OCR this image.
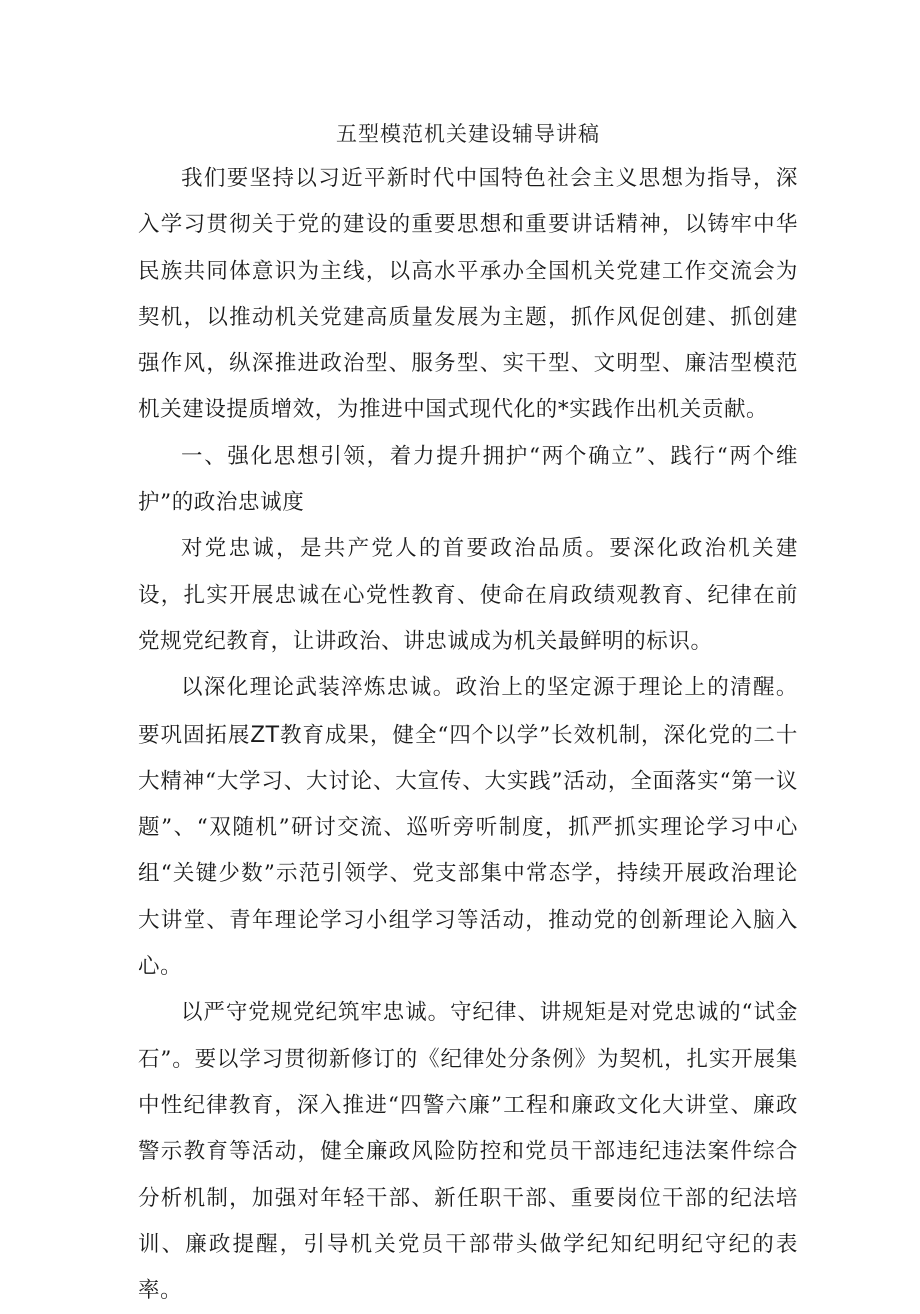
五型模范机关建设辅导讲稿

我们要坚持以习近平新时代中国特色社会主义思想为指导，深入学习贯彻关于党的建设的重要思想和重要讲话精神，以铸牢中华民族共同体意识为主线，以高水平承办全国机关党建工作交流会为契机，以推动机关党建高质量发展为主题，抓作风促创建、抓创建强作风，纵深推进政治型、服务型、实干型、文明型、廉洁型模范机关建设提质增效，为推进中国式现代化的*实践作出机关贡献。

一、强化思想引领，着力提升拥护“两个确立”、践行“两个维护”的政治忠诚度

对党忠诚，是共产党人的首要政治品质。要深化政治机关建设，扎实开展忠诚在心党性教育、使命在肩政绩观教育、纪律在前党规党纪教育，让讲政治、讲忠诚成为机关最鲜明的标识。

以深化理论武装淬炼忠诚。政治上的坚定源于理论上的清醒。要巩固拓展ZT教育成果，健全“四个以学”长效机制，深化党的二十大精神“大学习、大讨论、大宣传、大实践”活动，全面落实“第一议题”、“双随机”研讨交流、巡听旁听制度，抓严抓实理论学习中心组“关键少数”示范引领学、党支部集中常态学，持续开展政治理论大讲堂、青年理论学习小组学习等活动，推动党的创新理论入脑入心。

以严守党规党纪筑牢忠诚。守纪律、讲规矩是对党忠诚的“试金石”。要以学习贯彻新修订的《纪律处分条例》为契机，扎实开展集中性纪律教育，深入推进“四警六廉”工程和廉政文化大讲堂、廉政警示教育等活动，健全廉政风险防控和党员干部违纪违法案件综合分析机制，加强对年轻干部、新任职干部、重要岗位干部的纪法培训、廉政提醒，引导机关党员干部带头做学纪知纪明纪守纪的表率。
